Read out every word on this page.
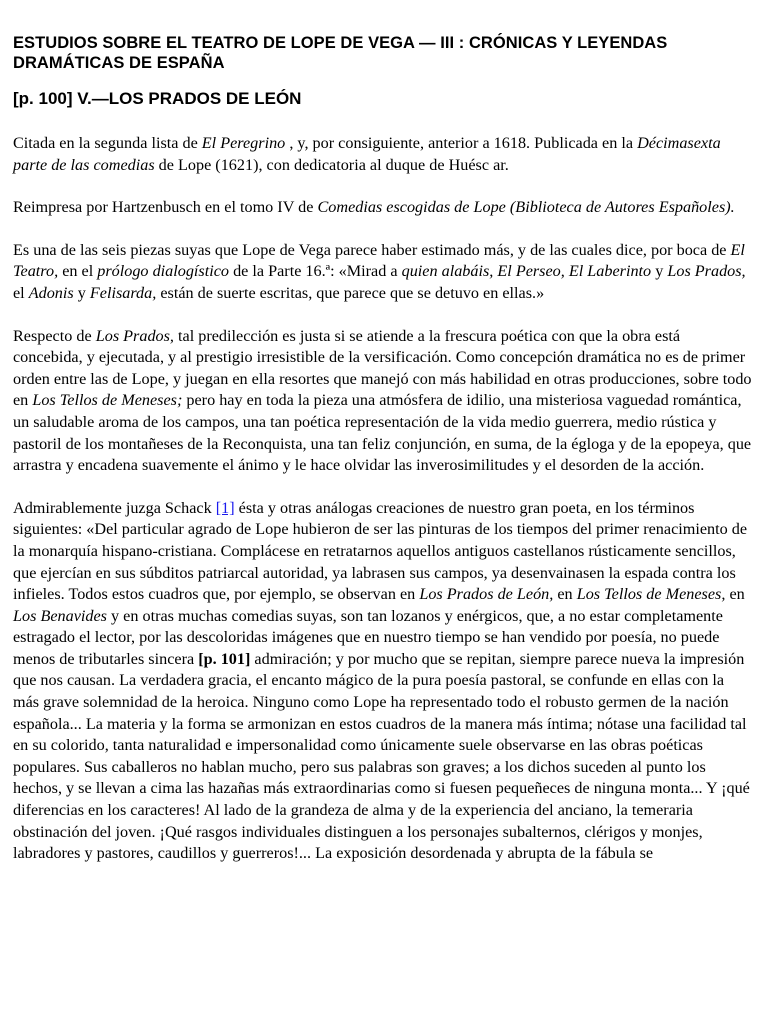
ESTUDIOS SOBRE EL TEATRO DE LOPE DE VEGA — III : CRÓNICAS Y LEYENDAS DRAMÁTICAS DE ESPAÑA
[p. 100] V.—LOS PRADOS DE LEÓN

Citada en la segunda lista de El Peregrino , y, por consiguiente, anterior a 1618. Publicada en la Décimasexta parte de las comedias de Lope (1621), con dedicatoria al duque de Huésc ar.

Reimpresa por Hartzenbusch en el tomo IV de Comedias escogidas de Lope (Biblioteca de Autores Españoles).

Es una de las seis piezas suyas que Lope de Vega parece haber estimado más, y de las cuales dice, por boca de El Teatro, en el prólogo dialogístico de la Parte 16.ª: «Mirad a quien alabáis, El Perseo, El Laberinto y Los Prados, el Adonis y Felisarda, están de suerte escritas, que parece que se detuvo en ellas.»

Respecto de Los Prados, tal predilección es justa si se atiende a la frescura poética con que la obra está concebida, y ejecutada, y al prestigio irresistible de la versificación. Como concepción dramática no es de primer orden entre las de Lope, y juegan en ella resortes que manejó con más habilidad en otras producciones, sobre todo en Los Tellos de Meneses; pero hay en toda la pieza una atmósfera de idilio, una misteriosa vaguedad romántica, un saludable aroma de los campos, una tan poética representación de la vida medio guerrera, medio rústica y pastoril de los montañeses de la Reconquista, una tan feliz conjunción, en suma, de la égloga y de la epopeya, que arrastra y encadena suavemente el ánimo y le hace olvidar las inverosimilitudes y el desorden de la acción.

Admirablemente juzga Schack [1] ésta y otras análogas creaciones de nuestro gran poeta, en los términos siguientes: «Del particular agrado de Lope hubieron de ser las pinturas de los tiempos del primer renacimiento de la monarquía hispano-cristiana. Complácese en retratarnos aquellos antiguos castellanos rústicamente sencillos, que ejercían en sus súbditos patriarcal autoridad, ya labrasen sus campos, ya desenvainasen la espada contra los infieles. Todos estos cuadros que, por ejemplo, se observan en Los Prados de León, en Los Tellos de Meneses, en Los Benavides y en otras muchas comedias suyas, son tan lozanos y enérgicos, que, a no estar completamente estragado el lector, por las descoloridas imágenes que en nuestro tiempo se han vendido por poesía, no puede menos de tributarles sincera [p. 101] admiración; y por mucho que se repitan, siempre parece nueva la impresión que nos causan. La verdadera gracia, el encanto mágico de la pura poesía pastoral, se confunde en ellas con la más grave solemnidad de la heroica. Ninguno como Lope ha representado todo el robusto germen de la nación española... La materia y la forma se armonizan en estos cuadros de la manera más íntima; nótase una facilidad tal en su colorido, tanta naturalidad e impersonalidad como únicamente suele observarse en las obras poéticas populares. Sus caballeros no hablan mucho, pero sus palabras son graves; a los dichos suceden al punto los hechos, y se llevan a cima las hazañas más extraordinarias como si fuesen pequeñeces de ninguna monta... Y ¡qué diferencias en los caracteres! Al lado de la grandeza de alma y de la experiencia del anciano, la temeraria obstinación del joven. ¡Qué rasgos individuales distinguen a los personajes subalternos, clérigos y monjes, labradores y pastores, caudillos y guerreros!... La exposición desordenada y abrupta de la fábula se
